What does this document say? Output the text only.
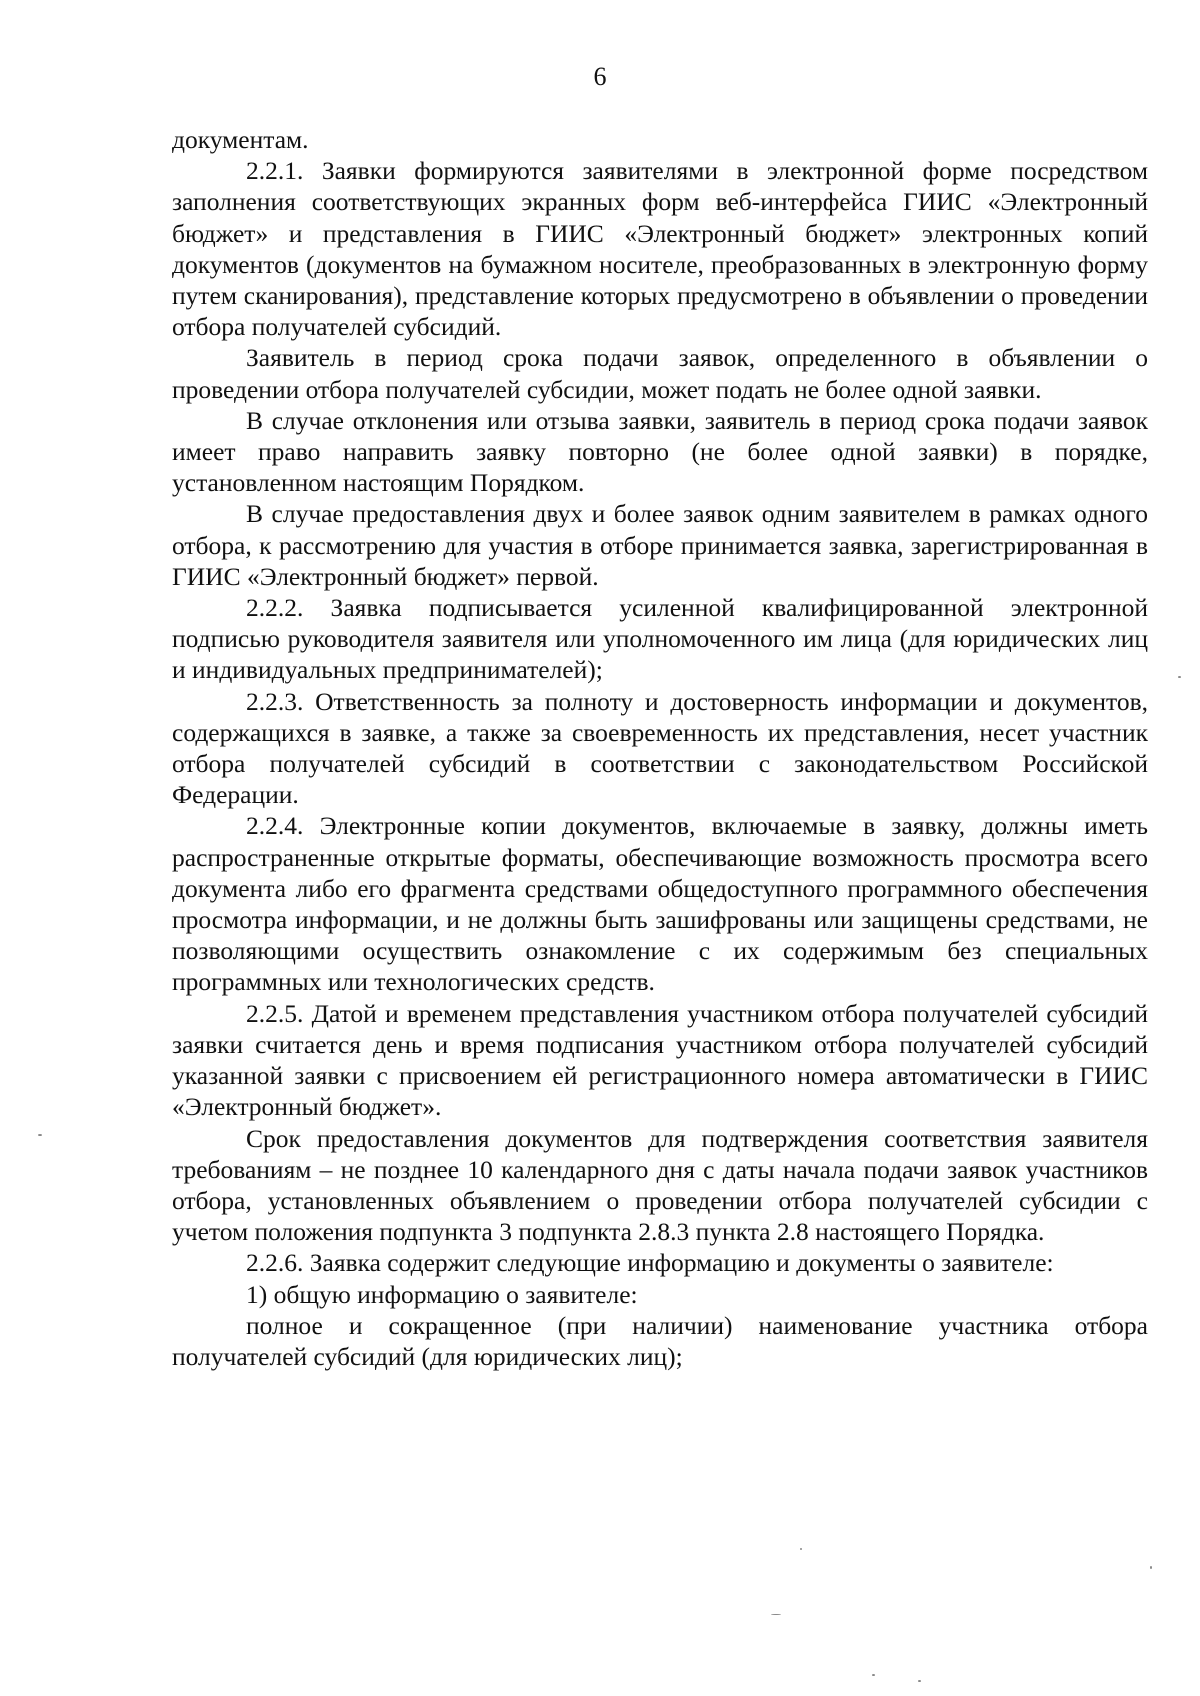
6

документам.

2.2.1. Заявки формируются заявителями в электронной форме посредством заполнения соответствующих экранных форм веб-интерфейса ГИИС «Электронный бюджет» и представления в ГИИС «Электронный бюджет» электронных копий документов (документов на бумажном носителе, преобразованных в электронную форму путем сканирования), представление которых предусмотрено в объявлении о проведении отбора получателей субсидий.

Заявитель в период срока подачи заявок, определенного в объявлении о проведении отбора получателей субсидии, может подать не более одной заявки.

В случае отклонения или отзыва заявки, заявитель в период срока подачи заявок имеет право направить заявку повторно (не более одной заявки) в порядке, установленном настоящим Порядком.

В случае предоставления двух и более заявок одним заявителем в рамках одного отбора, к рассмотрению для участия в отборе принимается заявка, зарегистрированная в ГИИС «Электронный бюджет» первой.

2.2.2. Заявка подписывается усиленной квалифицированной электронной подписью руководителя заявителя или уполномоченного им лица (для юридических лиц и индивидуальных предпринимателей);

2.2.3. Ответственность за полноту и достоверность информации и документов, содержащихся в заявке, а также за своевременность их представления, несет участник отбора получателей субсидий в соответствии с законодательством Российской Федерации.

2.2.4. Электронные копии документов, включаемые в заявку, должны иметь распространенные открытые форматы, обеспечивающие возможность просмотра всего документа либо его фрагмента средствами общедоступного программного обеспечения просмотра информации, и не должны быть зашифрованы или защищены средствами, не позволяющими осуществить ознакомление с их содержимым без специальных программных или технологических средств.

2.2.5. Датой и временем представления участником отбора получателей субсидий заявки считается день и время подписания участником отбора получателей субсидий указанной заявки с присвоением ей регистрационного номера автоматически в ГИИС «Электронный бюджет».

Срок предоставления документов для подтверждения соответствия заявителя требованиям – не позднее 10 календарного дня с даты начала подачи заявок участников отбора, установленных объявлением о проведении отбора получателей субсидии с учетом положения подпункта 3 подпункта 2.8.3 пункта 2.8 настоящего Порядка.

2.2.6. Заявка содержит следующие информацию и документы о заявителе:

1) общую информацию о заявителе:

полное и сокращенное (при наличии) наименование участника отбора получателей субсидий (для юридических лиц);
